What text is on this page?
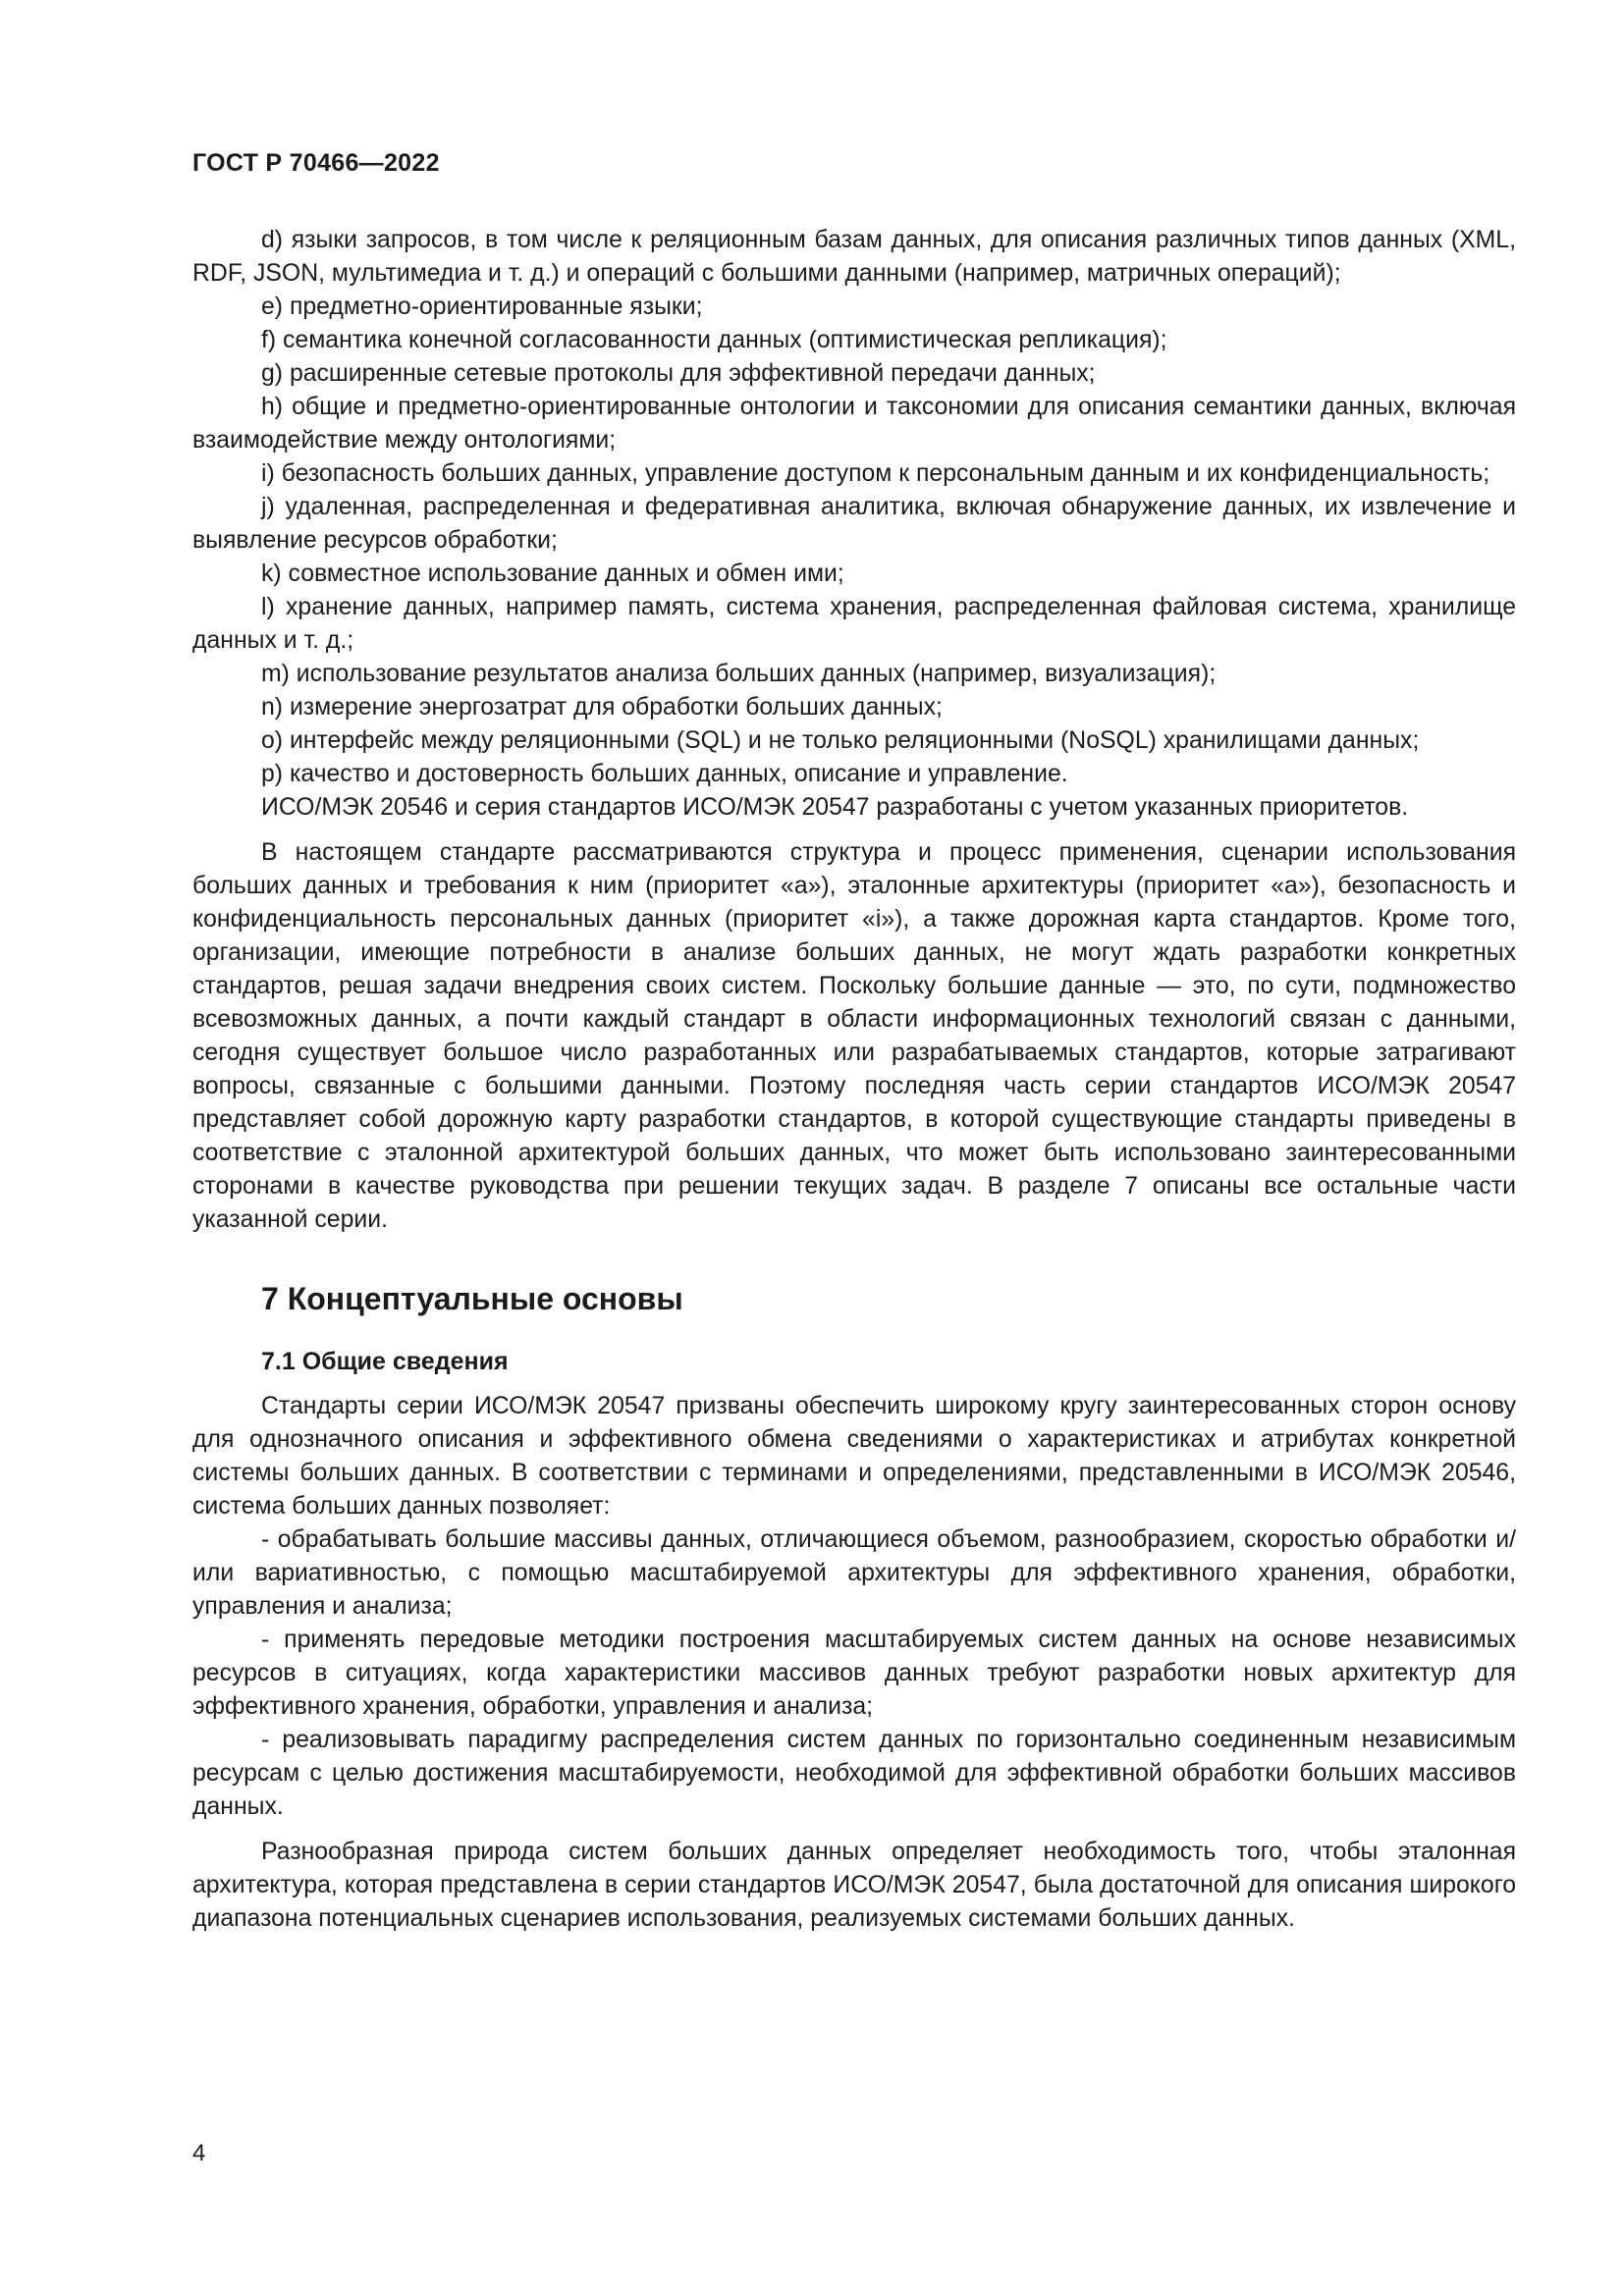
ГОСТ Р 70466—2022

d) языки запросов, в том числе к реляционным базам данных, для описания различных типов данных (XML, RDF, JSON, мультимедиа и т. д.) и операций с большими данными (например, матричных операций);

e) предметно-ориентированные языки;

f) семантика конечной согласованности данных (оптимистическая репликация);

g) расширенные сетевые протоколы для эффективной передачи данных;

h) общие и предметно-ориентированные онтологии и таксономии для описания семантики данных, включая взаимодействие между онтологиями;

i) безопасность больших данных, управление доступом к персональным данным и их конфиденциальность;

j) удаленная, распределенная и федеративная аналитика, включая обнаружение данных, их извлечение и выявление ресурсов обработки;

k) совместное использование данных и обмен ими;

l) хранение данных, например память, система хранения, распределенная файловая система, хранилище данных и т. д.;

m) использование результатов анализа больших данных (например, визуализация);

n) измерение энергозатрат для обработки больших данных;

o) интерфейс между реляционными (SQL) и не только реляционными (NoSQL) хранилищами данных;

p) качество и достоверность больших данных, описание и управление.

ИСО/МЭК 20546 и серия стандартов ИСО/МЭК 20547 разработаны с учетом указанных приоритетов.

В настоящем стандарте рассматриваются структура и процесс применения, сценарии использования больших данных и требования к ним (приоритет «а»), эталонные архитектуры (приоритет «а»), безопасность и конфиденциальность персональных данных (приоритет «i»), а также дорожная карта стандартов. Кроме того, организации, имеющие потребности в анализе больших данных, не могут ждать разработки конкретных стандартов, решая задачи внедрения своих систем. Поскольку большие данные — это, по сути, подмножество всевозможных данных, а почти каждый стандарт в области информационных технологий связан с данными, сегодня существует большое число разработанных или разрабатываемых стандартов, которые затрагивают вопросы, связанные с большими данными. Поэтому последняя часть серии стандартов ИСО/МЭК 20547 представляет собой дорожную карту разработки стандартов, в которой существующие стандарты приведены в соответствие с эталонной архитектурой больших данных, что может быть использовано заинтересованными сторонами в качестве руководства при решении текущих задач. В разделе 7 описаны все остальные части указанной серии.

7 Концептуальные основы
7.1 Общие сведения

Стандарты серии ИСО/МЭК 20547 призваны обеспечить широкому кругу заинтересованных сторон основу для однозначного описания и эффективного обмена сведениями о характеристиках и атрибутах конкретной системы больших данных. В соответствии с терминами и определениями, представленными в ИСО/МЭК 20546, система больших данных позволяет:

- обрабатывать большие массивы данных, отличающиеся объемом, разнообразием, скоростью обработки и/или вариативностью, с помощью масштабируемой архитектуры для эффективного хранения, обработки, управления и анализа;

- применять передовые методики построения масштабируемых систем данных на основе независимых ресурсов в ситуациях, когда характеристики массивов данных требуют разработки новых архитектур для эффективного хранения, обработки, управления и анализа;

- реализовывать парадигму распределения систем данных по горизонтально соединенным независимым ресурсам с целью достижения масштабируемости, необходимой для эффективной обработки больших массивов данных.

Разнообразная природа систем больших данных определяет необходимость того, чтобы эталонная архитектура, которая представлена в серии стандартов ИСО/МЭК 20547, была достаточной для описания широкого диапазона потенциальных сценариев использования, реализуемых системами больших данных.

4
